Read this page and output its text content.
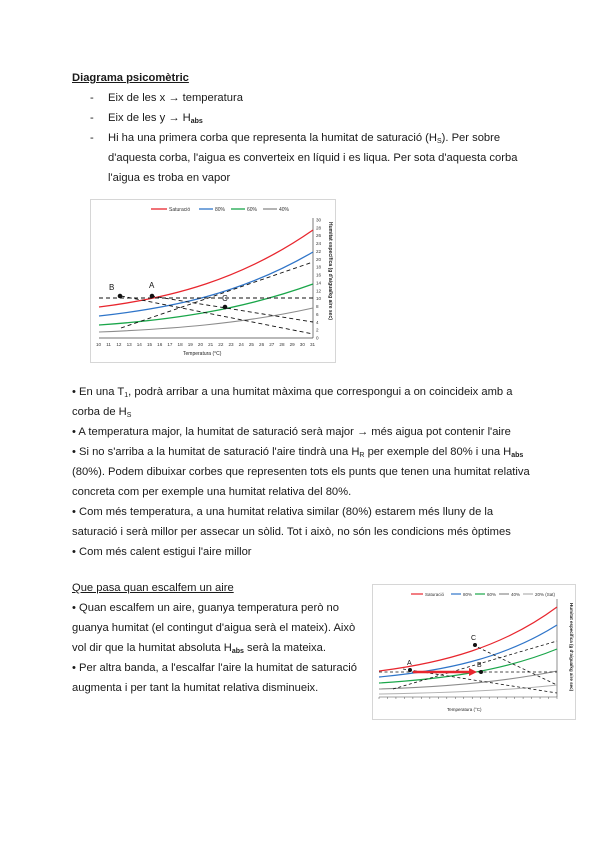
Diagrama psicomètric
- Eix de les x → temperatura
- Eix de les $y \to H_{abs}$
- Hi ha una primera corba que representa la humitat de saturació $(H_S)$. Per sobre
d'aquesta corba, l'aigua es converteix en líquid i es liqua. Per sota d'aquesta corba
l'aigua es troba en vapor
Saturació	80%	60%	40%
B	A
C
10 11 12 13 14 15 16 17 18 19 20 21 22 23 24 25 26 27 28 29 30 31
Temperatura (°C)
0
2
4
6
8
10
12
14
16
18
20
22
24
26
28
30
Humitat específica (g d'aigua/kg aire sec)
• En una $T_1$, podrà arribar a una humitat màxima que correspongui a on coincideix amb a
corba de $H_S$
• A temperatura major, la humitat de saturació serà major → més aigua pot contenir l'aire
• Si no s'arriba a la humitat de saturació l'aire tindrà una $H_R$ per exemple del 80% i una $H_{abs}$
(80%). Podem dibuixar corbes que representen tots els punts que tenen una humitat relativa
concreta com per exemple una humitat relativa del 80%.
• Com més temperatura, a una humitat relativa similar (80%) estarem més lluny de la
saturació i serà millor per assecar un sòlid. Tot i això, no són les condicions més òptimes
• Com més calent estigui l'aire millor
Que pasa quan escalfem un aire
• Quan escalfem un aire, guanya temperatura però no
guanya humitat (el contingut d'aigua serà el mateix). Això
vol dir que la humitat absoluta $H_{abs}$ serà la mateixa.
• Per altra banda, a l'escalfar l'aire la humitat de saturació
augmenta i per tant la humitat relativa disminueix.
Saturació	80%	60%	40%	20% (Sat)
A	B
C
Temperatura (°C)
Humitat específica (g d'aigua/kg aire sec)
